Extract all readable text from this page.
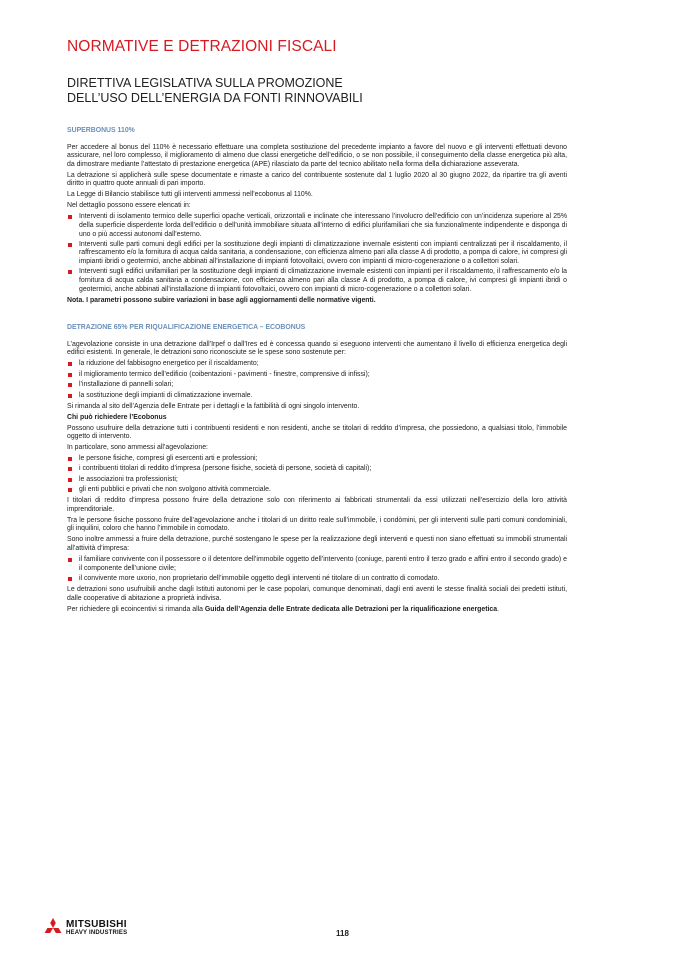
NORMATIVE E DETRAZIONI FISCALI
DIRETTIVA LEGISLATIVA SULLA PROMOZIONE
DELL’USO DELL’ENERGIA DA FONTI RINNOVABILI
SUPERBONUS 110%

Per accedere al bonus del 110% è necessario effettuare una completa sostituzione del precedente impianto a favore del nuovo e gli interventi effettuati devono assicurare, nel loro complesso, il miglioramento di almeno due classi energetiche dell’edificio, o se non possibile, il conseguimento della classe energetica più alta, da dimostrare mediante l’attestato di prestazione energetica (APE) rilasciato da parte del tecnico abilitato nella forma della dichiarazione asseverata.

La detrazione si applicherà sulle spese documentate e rimaste a carico del contribuente sostenute dal 1 luglio 2020 al 30 giugno 2022, da ripartire tra gli aventi diritto in quattro quote annuali di pari importo.

La Legge di Bilancio stabilisce tutti gli interventi ammessi nell’ecobonus al 110%.

Nel dettaglio possono essere elencati in:

Interventi di isolamento termico delle superfici opache verticali, orizzontali e inclinate che interessano l’involucro dell’edificio con un’incidenza superiore al 25% della superficie disperdente lorda dell’edificio o dell’unità immobiliare situata all’interno di edifici plurifamiliari che sia funzionalmente indipendente e disponga di uno o più accessi autonomi dall’esterno.
Interventi sulle parti comuni degli edifici per la sostituzione degli impianti di climatizzazione invernale esistenti con impianti centralizzati per il riscaldamento, il raffrescamento e/o la fornitura di acqua calda sanitaria, a condensazione, con efficienza almeno pari alla classe A di prodotto, a pompa di calore, ivi compresi gli impianti ibridi o geotermici, anche abbinati all’installazione di impianti fotovoltaici, ovvero con impianti di micro-cogenerazione o a collettori solari.
Interventi sugli edifici unifamiliari per la sostituzione degli impianti di climatizzazione invernale esistenti con impianti per il riscaldamento, il raffrescamento e/o la fornitura di acqua calda sanitaria a condensazione, con efficienza almeno pari alla classe A di prodotto, a pompa di calore, ivi compresi gli impianti ibridi o geotermici, anche abbinati all’installazione di impianti fotovoltaici, ovvero con impianti di micro-cogenerazione o a collettori solari.

Nota. I parametri possono subire variazioni in base agli aggiornamenti delle normative vigenti.

DETRAZIONE 65% PER RIQUALIFICAZIONE ENERGETICA – ECOBONUS

L’agevolazione consiste in una detrazione dall’Irpef o dall’Ires ed è concessa quando si eseguono interventi che aumentano il livello di efficienza energetica degli edifici esistenti. In generale, le detrazioni sono riconosciute se le spese sono sostenute per:

la riduzione del fabbisogno energetico per il riscaldamento;
il miglioramento termico dell’edificio (coibentazioni - pavimenti - finestre, comprensive di infissi);
l’installazione di pannelli solari;
la sostituzione degli impianti di climatizzazione invernale.

Si rimanda al sito dell’Agenzia delle Entrate per i dettagli e la fattibilità di ogni singolo intervento.

Chi può richiedere l’Ecobonus

Possono usufruire della detrazione tutti i contribuenti residenti e non residenti, anche se titolari di reddito d’impresa, che possiedono, a qualsiasi titolo, l’immobile oggetto di intervento.

In particolare, sono ammessi all’agevolazione:

le persone fisiche, compresi gli esercenti arti e professioni;
i contribuenti titolari di reddito d’impresa (persone fisiche, società di persone, società di capitali);
le associazioni tra professionisti;
gli enti pubblici e privati che non svolgono attività commerciale.

I titolari di reddito d’impresa possono fruire della detrazione solo con riferimento ai fabbricati strumentali da essi utilizzati nell’esercizio della loro attività imprenditoriale.

Tra le persone fisiche possono fruire dell’agevolazione anche i titolari di un diritto reale sull’immobile, i condòmini, per gli interventi sulle parti comuni condominiali, gli inquilini, coloro che hanno l’immobile in comodato.

Sono inoltre ammessi a fruire della detrazione, purché sostengano le spese per la realizzazione degli interventi e questi non siano effettuati su immobili strumentali all’attività d’impresa:

il familiare convivente con il possessore o il detentore dell’immobile oggetto dell’intervento (coniuge, parenti entro il terzo grado e affini entro il secondo grado) e il componente dell’unione civile;
il convivente more uxorio, non proprietario dell’immobile oggetto degli interventi né titolare di un contratto di comodato.

Le detrazioni sono usufruibili anche dagli Istituti autonomi per le case popolari, comunque denominati, dagli enti aventi le stesse finalità sociali dei predetti istituti, dalle cooperative di abitazione a proprietà indivisa.

Per richiedere gli ecoincentivi si rimanda alla Guida dell’Agenzia delle Entrate dedicata alle Detrazioni per la riqualificazione energetica.

MITSUBISHI
HEAVY INDUSTRIES	118
